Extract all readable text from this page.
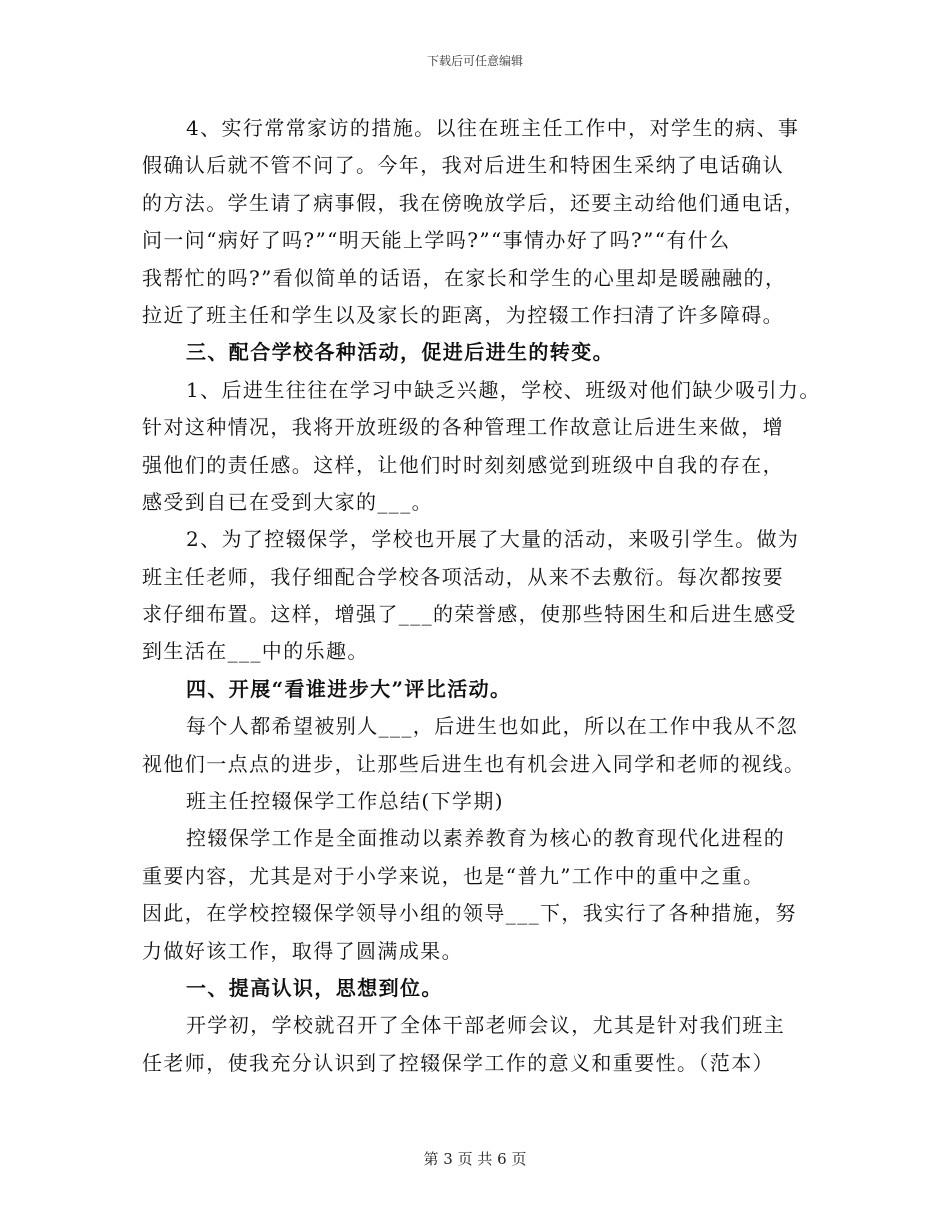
下载后可任意编辑
4、实行常常家访的措施。以往在班主任工作中，对学生的病、事
假确认后就不管不问了。今年，我对后进生和特困生采纳了电话确认
的方法。学生请了病事假，我在傍晚放学后，还要主动给他们通电话，
问一问“病好了吗?”“明天能上学吗?”“事情办好了吗?”“有什么
我帮忙的吗?”看似简单的话语，在家长和学生的心里却是暖融融的，
拉近了班主任和学生以及家长的距离，为控辍工作扫清了许多障碍。
三、配合学校各种活动，促进后进生的转变。
1、后进生往往在学习中缺乏兴趣，学校、班级对他们缺少吸引力。
针对这种情况，我将开放班级的各种管理工作故意让后进生来做，增
强他们的责任感。这样，让他们时时刻刻感觉到班级中自我的存在，
感受到自已在受到大家的___。
2、为了控辍保学，学校也开展了大量的活动，来吸引学生。做为
班主任老师，我仔细配合学校各项活动，从来不去敷衍。每次都按要
求仔细布置。这样，增强了___的荣誉感，使那些特困生和后进生感受
到生活在___中的乐趣。
四、开展“看谁进步大”评比活动。
每个人都希望被别人___，后进生也如此，所以在工作中我从不忽
视他们一点点的进步，让那些后进生也有机会进入同学和老师的视线。
班主任控辍保学工作总结(下学期)
控辍保学工作是全面推动以素养教育为核心的教育现代化进程的
重要内容，尤其是对于小学来说，也是“普九”工作中的重中之重。
因此，在学校控辍保学领导小组的领导___下，我实行了各种措施，努
力做好该工作，取得了圆满成果。
一、提高认识，思想到位。
开学初，学校就召开了全体干部老师会议，尤其是针对我们班主
任老师，使我充分认识到了控辍保学工作的意义和重要性。（范本）
第 3 页 共 6 页
